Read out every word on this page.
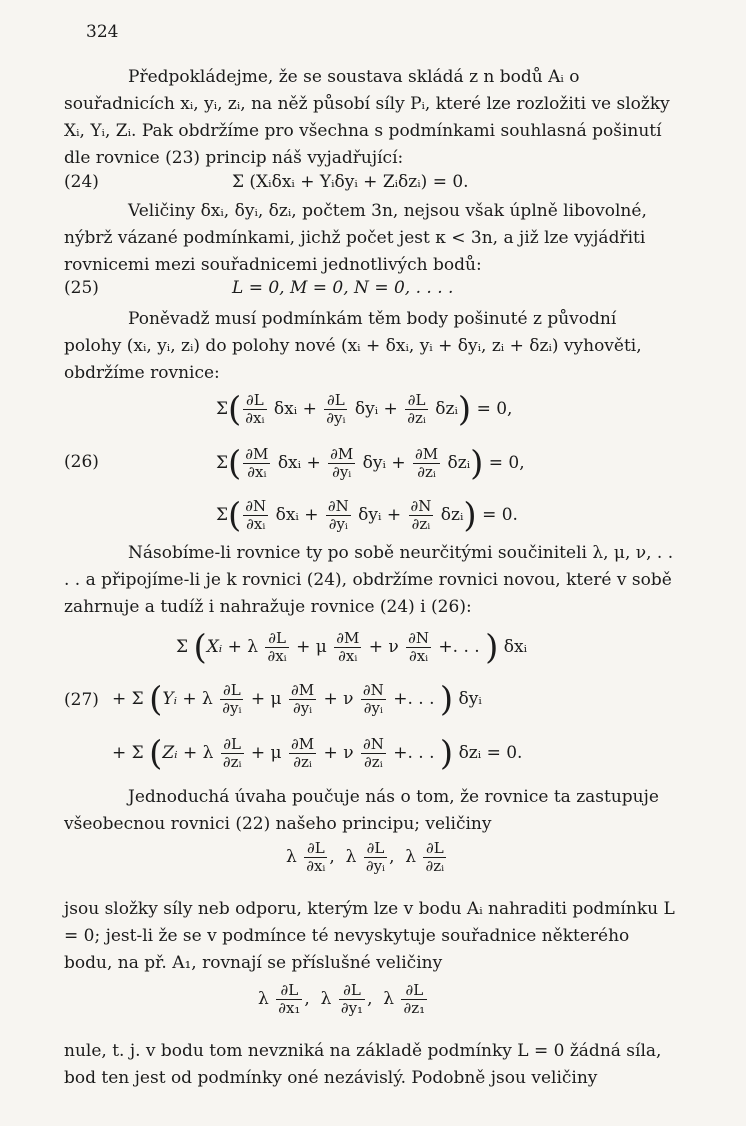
324
Předpokládejme, že se soustava skládá z n bodů Aᵢ o souřadnicích xᵢ, yᵢ, zᵢ, na něž působí síly Pᵢ, které lze rozložiti ve složky Xᵢ, Yᵢ, Zᵢ. Pak obdržíme pro všechna s podmínkami souhlasná pošinutí dle rovnice (23) princip náš vyjadřující:
(24)	Σ (Xᵢδxᵢ + Yᵢδyᵢ + Zᵢδzᵢ) = 0.
Veličiny δxᵢ, δyᵢ, δzᵢ, počtem 3n, nejsou však úplně libovolné, nýbrž vázané podmínkami, jichž počet jest κ < 3n, a již lze vyjádřiti rovnicemi mezi souřadnicemi jednotlivých bodů:
(25)	L = 0, M = 0, N = 0, . . . .
Poněvadž musí podmínkám těm body pošinuté z původní polohy (xᵢ, yᵢ, zᵢ) do polohy nové (xᵢ + δxᵢ, yᵢ + δyᵢ, zᵢ + δzᵢ) vyhověti, obdržíme rovnice:
(26)
$\Sigma( \frac{\partial L}{\text{∂xᵢ}}$ δxᵢ + $\frac{\partial L}{\text{∂yᵢ}}$ δyᵢ + $\frac{\partial L}{\text{∂zᵢ}}$ δzᵢ) = 0,
$\Sigma( \frac{\partial M}{\text{∂xᵢ}}$ δxᵢ + $\frac{\partial M}{\text{∂yᵢ}}$ δyᵢ + $\frac{\partial M}{\text{∂zᵢ}}$ δzᵢ) = 0,
$\Sigma( \frac{\partial N}{\text{∂xᵢ}}$ δxᵢ + $\frac{\partial N}{\text{∂yᵢ}}$ δyᵢ + $\frac{\partial N}{\text{∂zᵢ}}$ δzᵢ) = 0.
Násobíme-li rovnice ty po sobě neurčitými součiniteli λ, μ, ν, . . . . a připojíme-li je k rovnici (24), obdržíme rovnici novou, které v sobě zahrnuje a tudíž i nahražuje rovnice (24) i (26):
(27)
Σ (Xᵢ + λ $\frac{\partial L}{\text{∂xᵢ}} + \mu \frac{\partial M}{\text{∂xᵢ}} + \nu \frac{\partial N}{\text{∂xᵢ}}$ +. . . ) δxᵢ
+ Σ (Yᵢ + λ $\frac{\partial L}{\text{∂yᵢ}} + \mu \frac{\partial M}{\text{∂yᵢ}} + \nu \frac{\partial N}{\text{∂yᵢ}}$ +. . . ) δyᵢ
+ Σ (Zᵢ + λ $\frac{\partial L}{\text{∂zᵢ}} + \mu \frac{\partial M}{\text{∂zᵢ}} + \nu \frac{\partial N}{\text{∂zᵢ}}$ +. . . ) δzᵢ = 0.
Jednoduchá úvaha poučuje nás o tom, že rovnice ta zastupuje všeobecnou rovnici (22) našeho principu; veličiny
λ $\frac{\partial L}{\text{∂xᵢ}}$ ,  λ $\frac{\partial L}{\text{∂yᵢ}}$ ,  λ $\frac{\partial L}{\text{∂zᵢ}}$
jsou složky síly neb odporu, kterým lze v bodu Aᵢ nahraditi podmínku L = 0; jest-li že se v podmínce té nevyskytuje souřadnice některého bodu, na př. A₁, rovnají se příslušné veličiny
λ $\frac{\partial L}{\text{∂x₁}}$ ,  λ $\frac{\partial L}{\text{∂y₁}}$ ,  λ $\frac{\partial L}{\text{∂z₁}}$
nule, t. j. v bodu tom nevzniká na základě podmínky L = 0 žádná síla, bod ten jest od podmínky oné nezávislý. Podobně jsou veličiny
